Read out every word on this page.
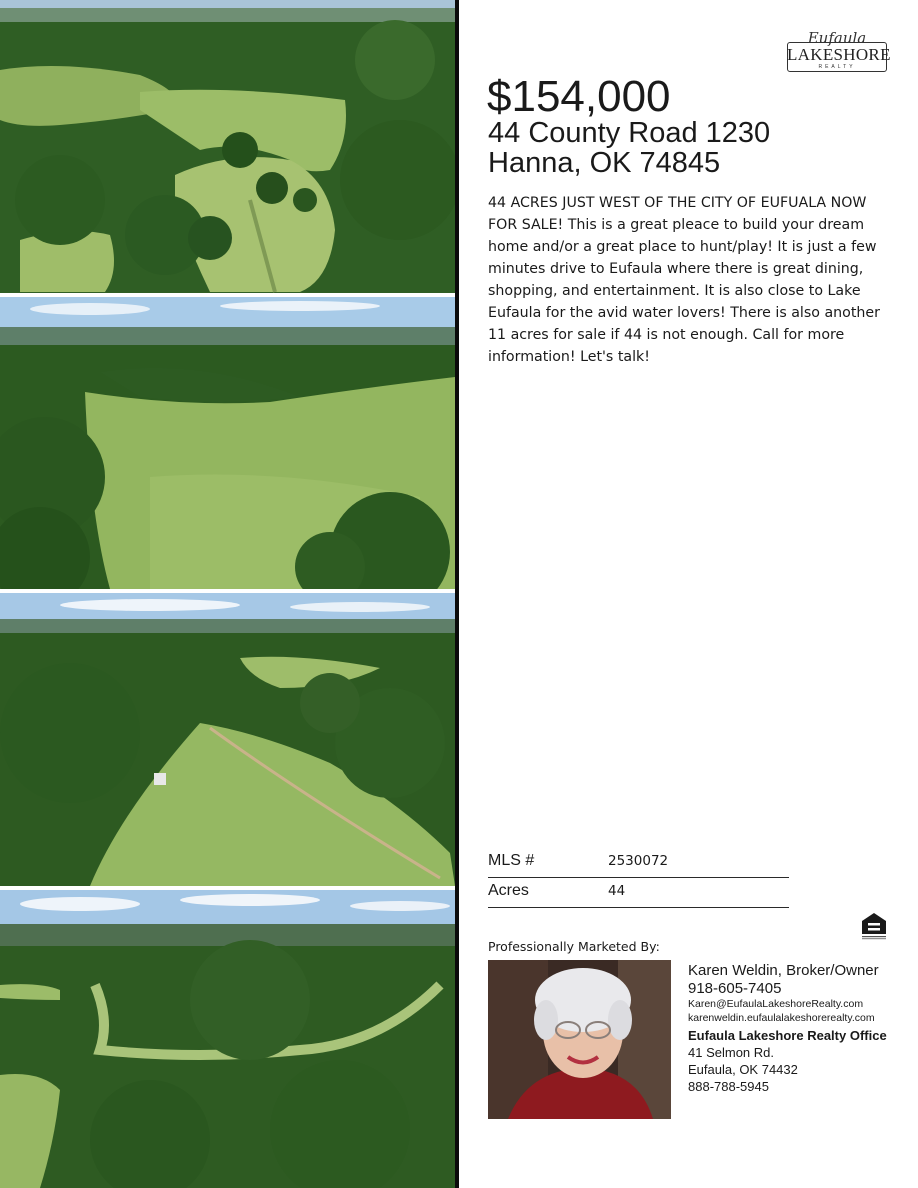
Eufaula
LAKESHORE
REALTY
$154,000
44 County Road 1230
Hanna, OK 74845
44 ACRES JUST WEST OF THE CITY OF EUFUALA NOW FOR SALE! This is a great pleace to build your dream home and/or a great place to hunt/play! It is just a few minutes drive to Eufaula where there is great dining, shopping, and entertainment. It is also close to Lake Eufaula for the avid water lovers! There is also another 11 acres for sale if 44 is not enough. Call for more information! Let's talk!
MLS #	2530072
Acres	44
Professionally Marketed By:
Karen Weldin, Broker/Owner
918-605-7405
Karen@EufaulaLakeshoreRealty.com
karenweldin.eufaulalakeshorerealty.com
Eufaula Lakeshore Realty Office
41 Selmon Rd.
Eufaula, OK 74432
888-788-5945
